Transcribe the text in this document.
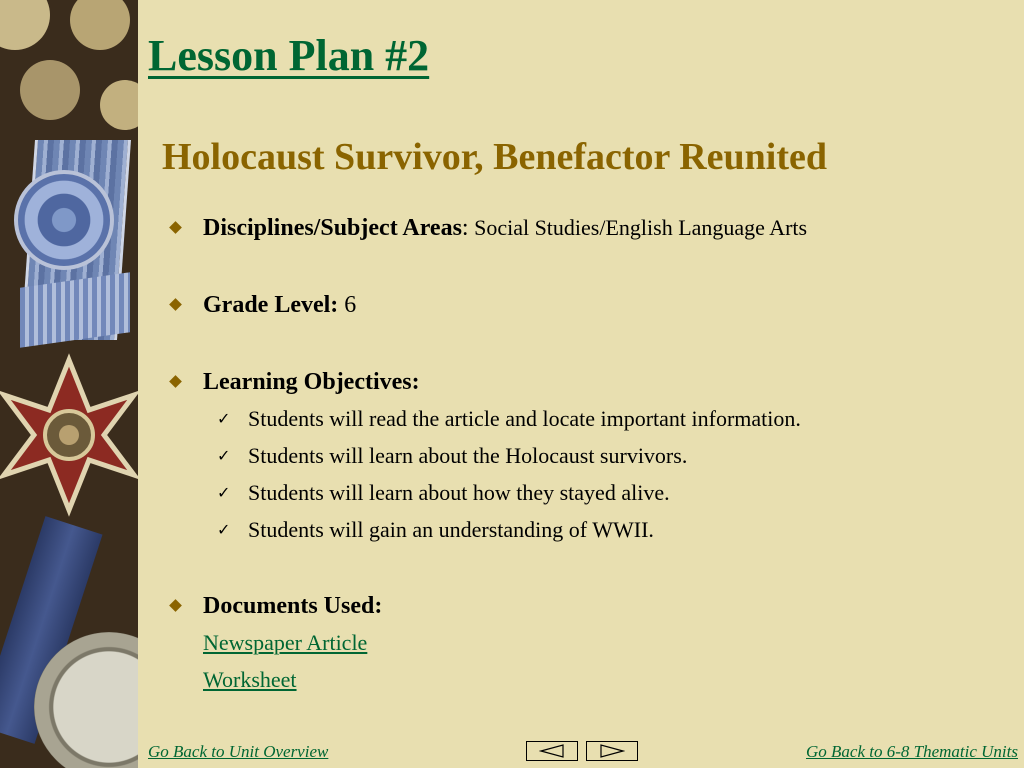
Lesson Plan #2
Holocaust Survivor, Benefactor Reunited
Disciplines/Subject Areas: Social Studies/English Language Arts
Grade Level: 6
Learning Objectives:
✓ Students will read the article and locate important information.
✓ Students will learn about the Holocaust survivors.
✓ Students will learn about how they stayed alive.
✓ Students will gain an understanding of WWII.
Documents Used:
Newspaper Article
Worksheet
Go Back to Unit Overview	Go Back to 6-8 Thematic Units
